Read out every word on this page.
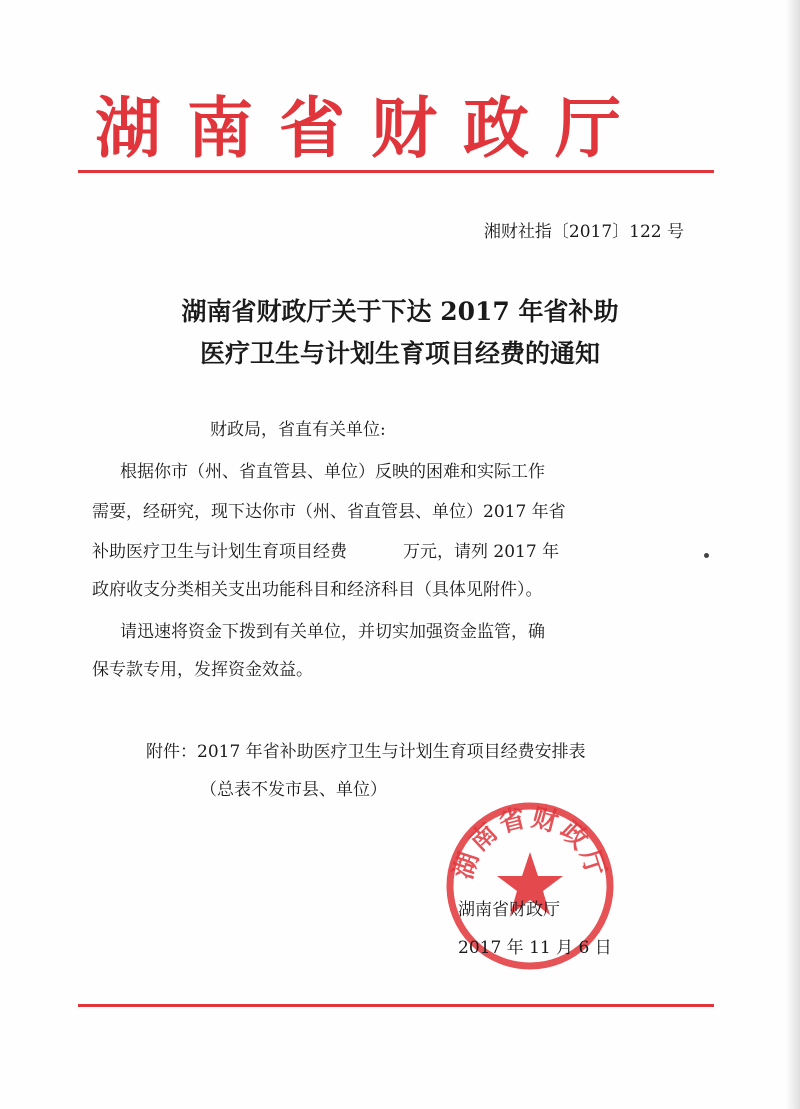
湖南省财政厅
湘财社指〔2017〕122 号
湖南省财政厅关于下达 2017 年省补助
医疗卫生与计划生育项目经费的通知
财政局，省直有关单位:
根据你市（州、省直管县、单位）反映的困难和实际工作
需要，经研究，现下达你市（州、省直管县、单位）2017 年省
补助医疗卫生与计划生育项目经费	万元，请列 2017 年
政府收支分类相关支出功能科目和经济科目（具体见附件）。
请迅速将资金下拨到有关单位，并切实加强资金监管，确
保专款专用，发挥资金效益。
附件：2017 年省补助医疗卫生与计划生育项目经费安排表
（总表不发市县、单位）
湖南省财政厅
湖南省财政厅
2017 年 11 月 6 日
